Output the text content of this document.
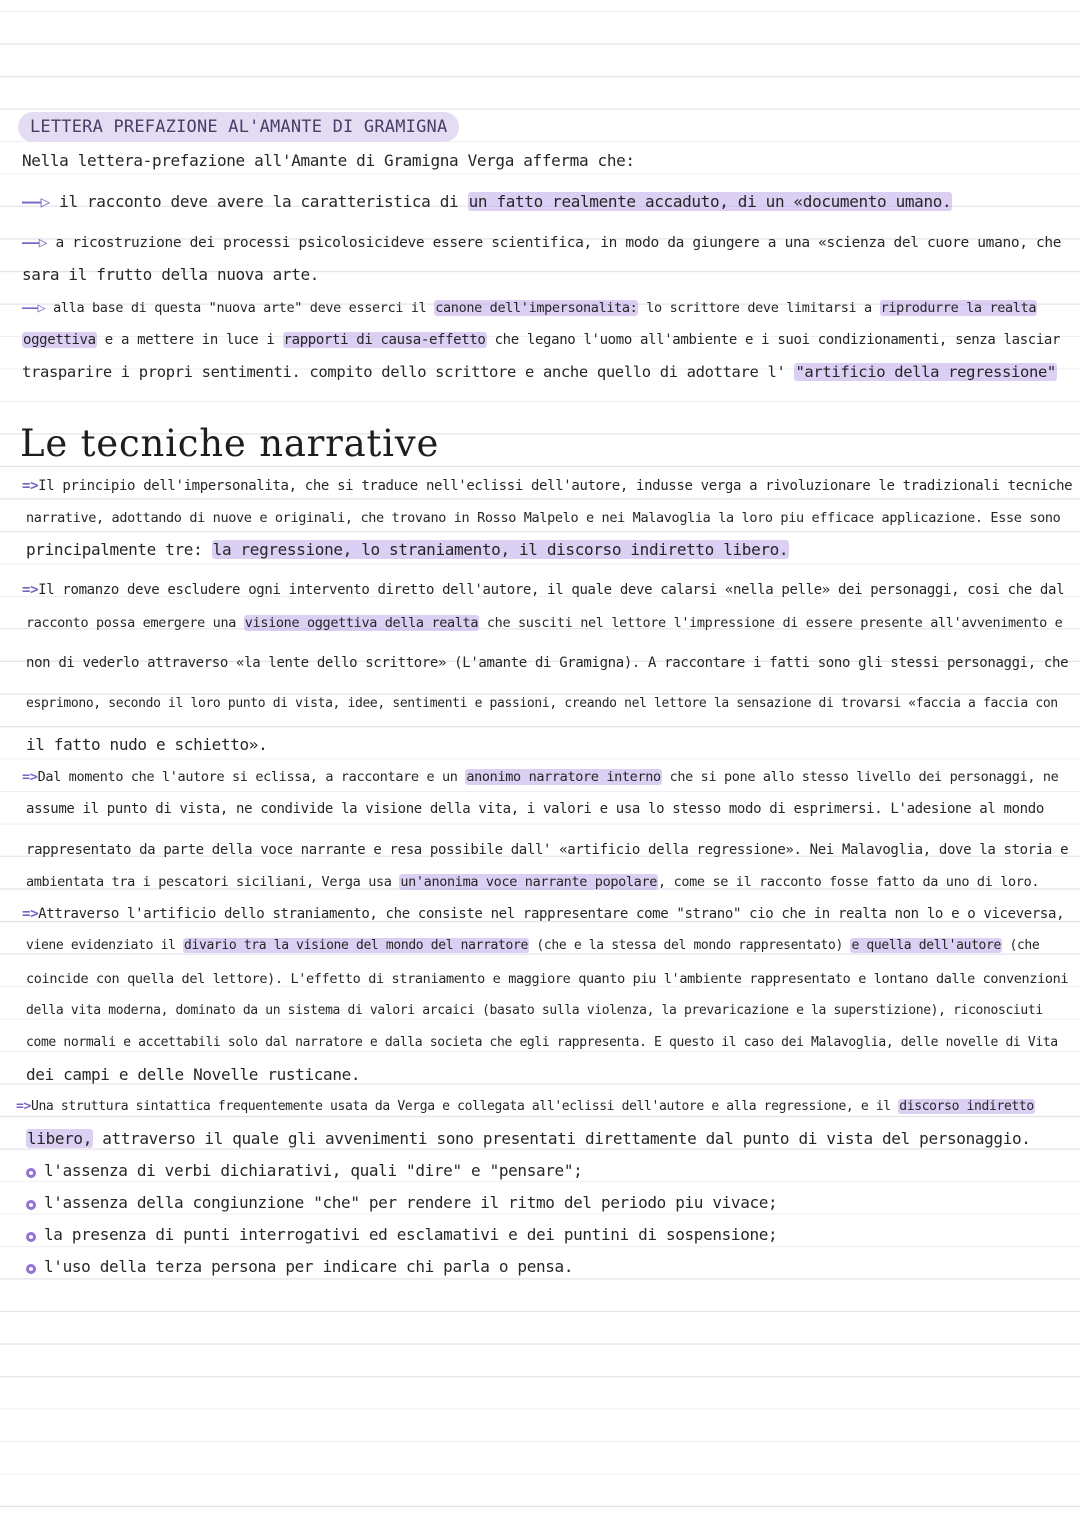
LETTERA PREFAZIONE AL'AMANTE DI GRAMIGNA
Nella lettera-prefazione all'Amante di Gramigna Verga afferma che:
——▷ il racconto deve avere la caratteristica di un fatto realmente accaduto, di un «documento umano.
——▷ a ricostruzione dei processi psicolosicideve essere scientifica, in modo da giungere a una «scienza del cuore umano, che
sara il frutto della nuova arte.
——▷ alla base di questa "nuova arte" deve esserci il canone dell'impersonalita: lo scrittore deve limitarsi a riprodurre la realta
oggettiva e a mettere in luce i rapporti di causa-effetto che legano l'uomo all'ambiente e i suoi condizionamenti, senza lasciar
trasparire i propri sentimenti. compito dello scrittore e anche quello di adottare l' "artificio della regressione"
Le tecniche narrative
=>Il principio dell'impersonalita, che si traduce nell'eclissi dell'autore, indusse verga a rivoluzionare le tradizionali tecniche
narrative, adottando di nuove e originali, che trovano in Rosso Malpelo e nei Malavoglia la loro piu efficace applicazione. Esse sono
principalmente tre: la regressione, lo straniamento, il discorso indiretto libero.
=>Il romanzo deve escludere ogni intervento diretto dell'autore, il quale deve calarsi «nella pelle» dei personaggi, cosi che dal
racconto possa emergere una visione oggettiva della realta che susciti nel lettore l'impressione di essere presente all'avvenimento e
non di vederlo attraverso «la lente dello scrittore» (L'amante di Gramigna). A raccontare i fatti sono gli stessi personaggi, che
esprimono, secondo il loro punto di vista, idee, sentimenti e passioni, creando nel lettore la sensazione di trovarsi «faccia a faccia con
il fatto nudo e schietto».
=>Dal momento che l'autore si eclissa, a raccontare e un anonimo narratore interno che si pone allo stesso livello dei personaggi, ne
assume il punto di vista, ne condivide la visione della vita, i valori e usa lo stesso modo di esprimersi. L'adesione al mondo
rappresentato da parte della voce narrante e resa possibile dall' «artificio della regressione». Nei Malavoglia, dove la storia e
ambientata tra i pescatori siciliani, Verga usa un'anonima voce narrante popolare, come se il racconto fosse fatto da uno di loro.
=>Attraverso l'artificio dello straniamento, che consiste nel rappresentare come "strano" cio che in realta non lo e o viceversa,
viene evidenziato il divario tra la visione del mondo del narratore (che e la stessa del mondo rappresentato) e quella dell'autore (che
coincide con quella del lettore). L'effetto di straniamento e maggiore quanto piu l'ambiente rappresentato e lontano dalle convenzioni
della vita moderna, dominato da un sistema di valori arcaici (basato sulla violenza, la prevaricazione e la superstizione), riconosciuti
come normali e accettabili solo dal narratore e dalla societa che egli rappresenta. E questo il caso dei Malavoglia, delle novelle di Vita
dei campi e delle Novelle rusticane.
=>Una struttura sintattica frequentemente usata da Verga e collegata all'eclissi dell'autore e alla regressione, e il discorso indiretto
libero, attraverso il quale gli avvenimenti sono presentati direttamente dal punto di vista del personaggio.
l'assenza di verbi dichiarativi, quali "dire" e "pensare";
l'assenza della congiunzione "che" per rendere il ritmo del periodo piu vivace;
la presenza di punti interrogativi ed esclamativi e dei puntini di sospensione;
l'uso della terza persona per indicare chi parla o pensa.
